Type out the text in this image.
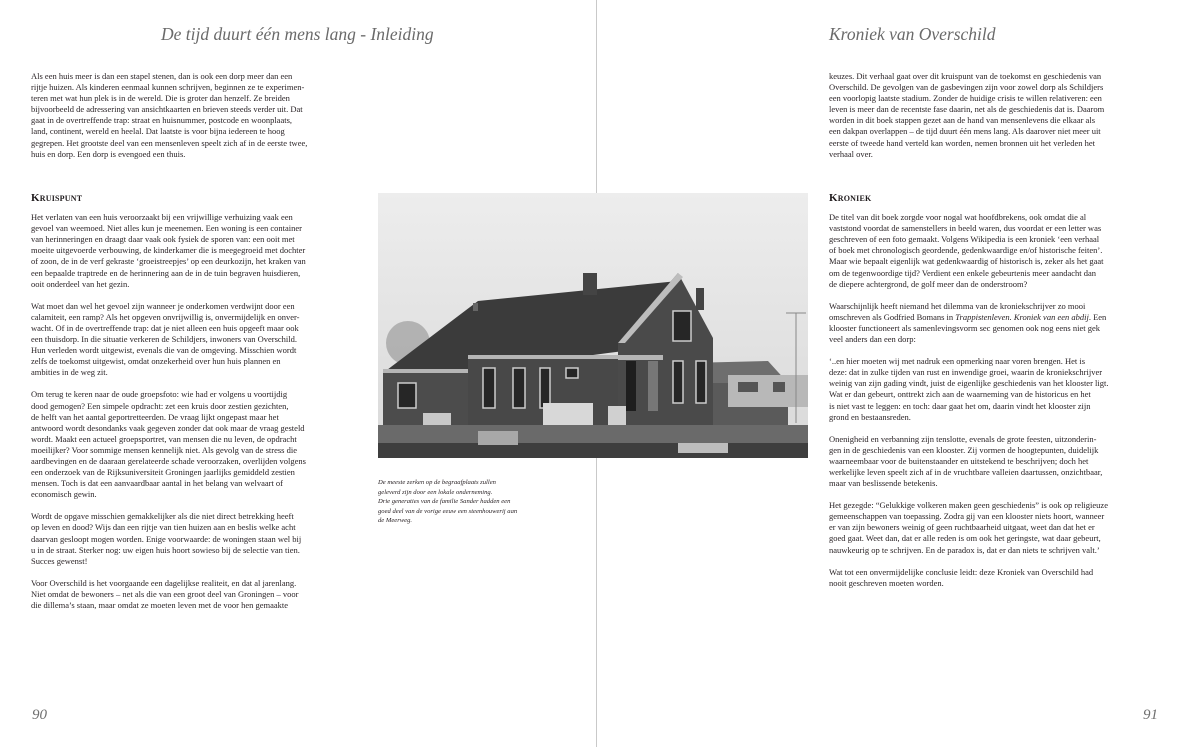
De tijd duurt één mens lang - Inleiding

Als een huis meer is dan een stapel stenen, dan is ook een dorp meer dan een

rijtje huizen. Als kinderen eenmaal kunnen schrijven, beginnen ze te experimen-

teren met wat hun plek is in de wereld. Die is groter dan henzelf. Ze breiden

bijvoorbeeld de adressering van ansichtkaarten en brieven steeds verder uit. Dat

gaat in de overtreffende trap: straat en huisnummer, postcode en woonplaats,

land, continent, wereld en heelal. Dat laatste is voor bijna iedereen te hoog

gegrepen. Het grootste deel van een mensenleven speelt zich af in de eerste twee,

huis en dorp. Een dorp is evengoed een thuis.

Kruispunt

Het verlaten van een huis veroorzaakt bij een vrijwillige verhuizing vaak een

gevoel van weemoed. Niet alles kun je meenemen. Een woning is een container

van herinneringen en draagt daar vaak ook fysiek de sporen van: een ooit met

moeite uitgevoerde verbouwing, de kinderkamer die is meegegroeid met dochter

of zoon, de in de verf gekraste ‘groeistreepjes’ op een deurkozijn, het kraken van

een bepaalde traptrede en de herinnering aan de in de tuin begraven huisdieren,

ooit onderdeel van het gezin.

Wat moet dan wel het gevoel zijn wanneer je onderkomen verdwijnt door een

calamiteit, een ramp? Als het opgeven onvrijwillig is, onvermijdelijk en onver-

wacht. Of in de overtreffende trap: dat je niet alleen een huis opgeeft maar ook

een thuisdorp. In die situatie verkeren de Schildjers, inwoners van Overschild.

Hun verleden wordt uitgewist, evenals die van de omgeving. Misschien wordt

zelfs de toekomst uitgewist, omdat onzekerheid over hun huis plannen en

ambities in de weg zit.

Om terug te keren naar de oude groepsfoto: wie had er volgens u voortijdig

dood gemogen? Een simpele opdracht: zet een kruis door zestien gezichten,

de helft van het aantal geportretteerden. De vraag lijkt ongepast maar het

antwoord wordt desondanks vaak gegeven zonder dat ook maar de vraag gesteld

wordt. Maakt een actueel groepsportret, van mensen die nu leven, de opdracht

moeilijker? Voor sommige mensen kennelijk niet. Als gevolg van de stress die

aardbevingen en de daaraan gerelateerde schade veroorzaken, overlijden volgens

een onderzoek van de Rijksuniversiteit Groningen jaarlijks gemiddeld zestien

mensen. Toch is dat een aanvaardbaar aantal in het belang van welvaart of

economisch gewin.

Wordt de opgave misschien gemakkelijker als die niet direct betrekking heeft

op leven en dood? Wijs dan een rijtje van tien huizen aan en beslis welke acht

daarvan gesloopt mogen worden. Enige voorwaarde: de woningen staan wel bij

u in de straat. Sterker nog: uw eigen huis hoort sowieso bij de selectie van tien.

Succes gewenst!

Voor Overschild is het voorgaande een dagelijkse realiteit, en dat al jarenlang.

Niet omdat de bewoners – net als die van een groot deel van Groningen – voor

die dillema’s staan, maar omdat ze moeten leven met de voor hen gemaakte

De meeste zerken op de begraafplaats zullen
geleverd zijn door een lokale onderneming.
Drie generaties van de familie Sander hadden een
goed deel van de vorige eeuw een steenhouwerij aan
de Meerweg.
90
Kroniek van Overschild

keuzes. Dit verhaal gaat over dit kruispunt van de toekomst en geschiedenis van

Overschild. De gevolgen van de gasbevingen zijn voor zowel dorp als Schildjers

een voorlopig laatste stadium. Zonder de huidige crisis te willen relativeren: een

leven is meer dan de recentste fase daarin, net als de geschiedenis dat is. Daarom

worden in dit boek stappen gezet aan de hand van mensenlevens die elkaar als

een dakpan overlappen – de tijd duurt één mens lang. Als daarover niet meer uit

eerste of tweede hand verteld kan worden, nemen bronnen uit het verleden het

verhaal over.

Kroniek

De titel van dit boek zorgde voor nogal wat hoofdbrekens, ook omdat die al

vaststond voordat de samenstellers in beeld waren, dus voordat er een letter was

geschreven of een foto gemaakt. Volgens Wikipedia is een kroniek ‘een verhaal

of boek met chronologisch geordende, gedenkwaardige en/of historische feiten’.

Maar wie bepaalt eigenlijk wat gedenkwaardig of historisch is, zeker als het gaat

om de tegenwoordige tijd? Verdient een enkele gebeurtenis meer aandacht dan

de diepere achtergrond, de golf meer dan de onderstroom?

Waarschijnlijk heeft niemand het dilemma van de kroniekschrijver zo mooi

omschreven als Godfried Bomans in Trappistenleven. Kroniek van een abdij. Een

klooster functioneert als samenlevingsvorm sec genomen ook nog eens niet gek

veel anders dan een dorp:

‘..en hier moeten wij met nadruk een opmerking naar voren brengen. Het is

deze: dat in zulke tijden van rust en inwendige groei, waarin de kroniekschrijver

weinig van zijn gading vindt, juist de eigenlijke geschiedenis van het klooster ligt.

Wat er dan gebeurt, onttrekt zich aan de waarneming van de historicus en het

is niet vast te leggen: en toch: daar gaat het om, daarin vindt het klooster zijn

grond en bestaansreden.

Onenigheid en verbanning zijn tenslotte, evenals de grote feesten, uitzonderin-

gen in de geschiedenis van een klooster. Zij vormen de hoogtepunten, duidelijk

waarneembaar voor de buitenstaander en uitstekend te beschrijven; doch het

werkelijke leven speelt zich af in de vruchtbare valleien daartussen, onzichtbaar,

maar van beslissende betekenis.

Het gezegde: “Gelukkige volkeren maken geen geschiedenis” is ook op religieuze

gemeenschappen van toepassing. Zodra gij van een klooster niets hoort, wanneer

er van zijn bewoners weinig of geen ruchtbaarheid uitgaat, weet dan dat het er

goed gaat. Weet dan, dat er alle reden is om ook het geringste, wat daar gebeurt,

nauwkeurig op te schrijven. En de paradox is, dat er dan niets te schrijven valt.’

Wat tot een onvermijdelijke conclusie leidt: deze Kroniek van Overschild had

nooit geschreven moeten worden.

91
